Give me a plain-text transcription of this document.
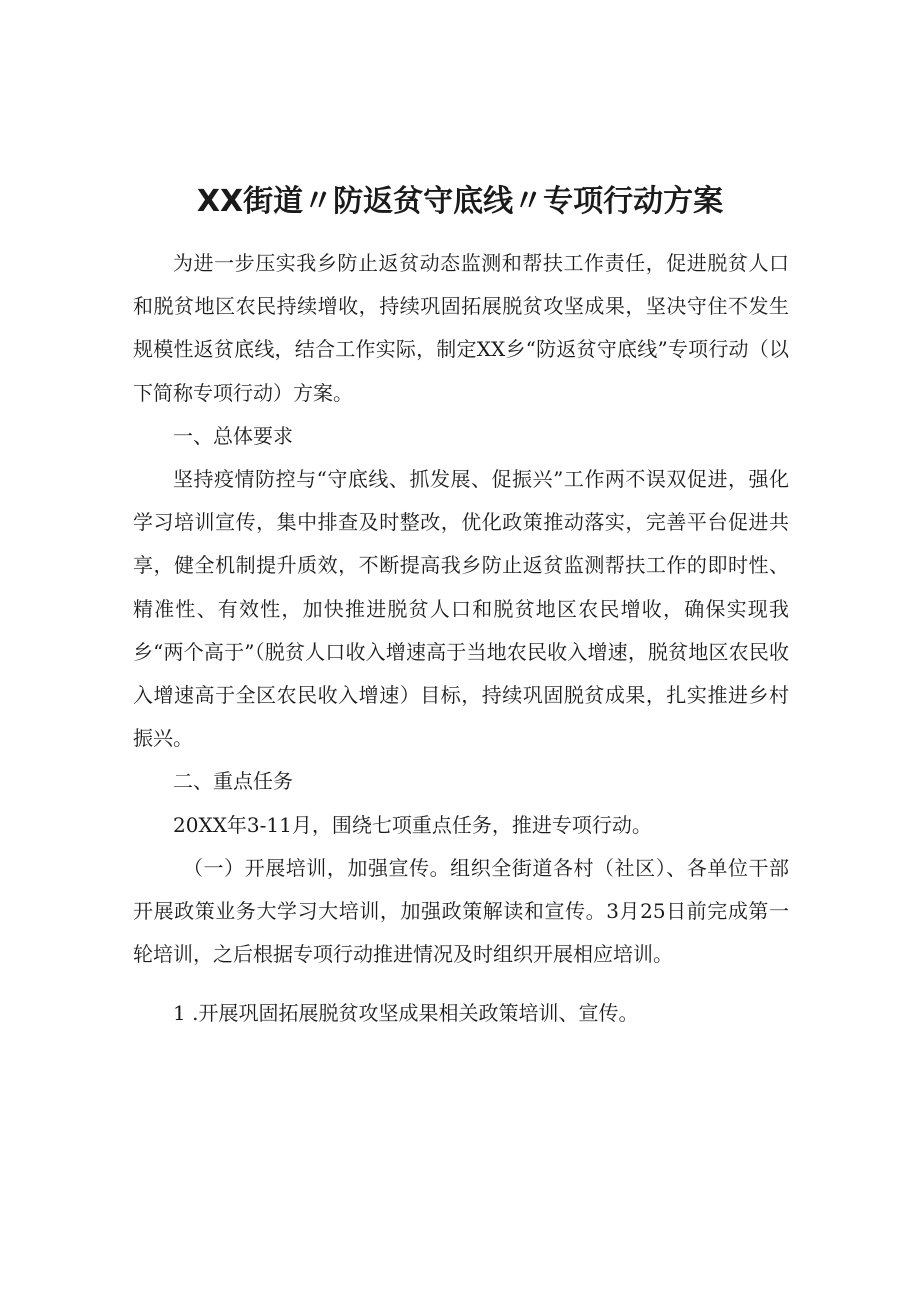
XX街道〃防返贫守底线〃专项行动方案

为进一步压实我乡防止返贫动态监测和帮扶工作责任，促进脱贫人口和脱贫地区农民持续增收，持续巩固拓展脱贫攻坚成果，坚决守住不发生规模性返贫底线，结合工作实际，制定XX乡“防返贫守底线”专项行动（以下简称专项行动）方案。

一、总体要求

坚持疫情防控与“守底线、抓发展、促振兴”工作两不误双促进，强化学习培训宣传，集中排查及时整改，优化政策推动落实，完善平台促进共享，健全机制提升质效，不断提高我乡防止返贫监测帮扶工作的即时性、精准性、有效性，加快推进脱贫人口和脱贫地区农民增收，确保实现我乡“两个高于”（脱贫人口收入增速高于当地农民收入增速，脱贫地区农民收入增速高于全区农民收入增速）目标，持续巩固脱贫成果，扎实推进乡村振兴。

二、重点任务

20XX年3-11月，围绕七项重点任务，推进专项行动。

（一）开展培训，加强宣传。组织全街道各村（社区）、各单位干部开展政策业务大学习大培训，加强政策解读和宣传。3月25日前完成第一轮培训，之后根据专项行动推进情况及时组织开展相应培训。

1 .开展巩固拓展脱贫攻坚成果相关政策培训、宣传。
